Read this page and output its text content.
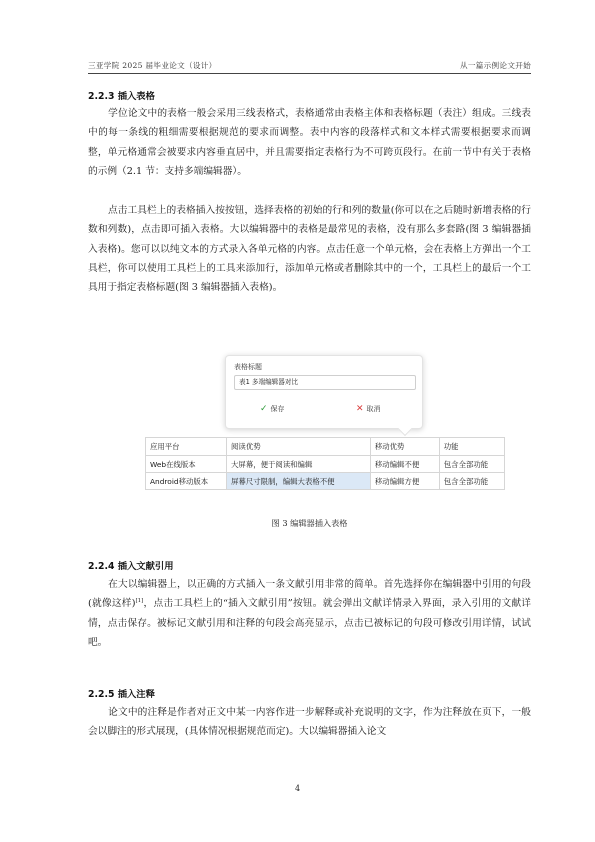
三亚学院 2025 届毕业论文（设计）	从一篇示例论文开始
2.2.3 插入表格
学位论文中的表格一般会采用三线表格式，表格通常由表格主体和表格标题（表注）组成。三线表中的每一条线的粗细需要根据规范的要求而调整。表中内容的段落样式和文本样式需要根据要求而调整，单元格通常会被要求内容垂直居中，并且需要指定表格行为不可跨页段行。在前一节中有关于表格的示例（2.1 节：支持多端编辑器）。
点击工具栏上的表格插入按按钮，选择表格的初始的行和列的数量(你可以在之后随时新增表格的行数和列数)，点击即可插入表格。大以编辑器中的表格是最常见的表格，没有那么多套路(图 3 编辑器插入表格)。您可以以纯文本的方式录入各单元格的内容。点击任意一个单元格，会在表格上方弹出一个工具栏，你可以使用工具栏上的工具来添加行，添加单元格或者删除其中的一个，工具栏上的最后一个工具用于指定表格标题(图 3 编辑器插入表格)。
图 3 编辑器插入表格
2.2.4 插入文献引用
在大以编辑器上，以正确的方式插入一条文献引用非常的简单。首先选择你在编辑器中引用的句段(就像这样)[1]，点击工具栏上的“插入文献引用”按钮。就会弹出文献详情录入界面，录入引用的文献详情，点击保存。被标记文献引用和注释的句段会高亮显示，点击已被标记的句段可修改引用详情，试试吧。
2.2.5 插入注释
论文中的注释是作者对正文中某一内容作进一步解释或补充说明的文字，作为注释放在页下，一般会以脚注的形式展现，(具体情况根据规范而定)。大以编辑器插入论文
表格标题
表1 多端编辑器对比
✓ 保存	✕ 取消
应用平台	阅读优势	移动优势	功能
Web在线版本	大屏幕，便于阅读和编辑	移动编辑不便	包含全部功能
Android移动版本	屏幕尺寸限制，编辑大表格不便	移动编辑方便	包含全部功能
4
